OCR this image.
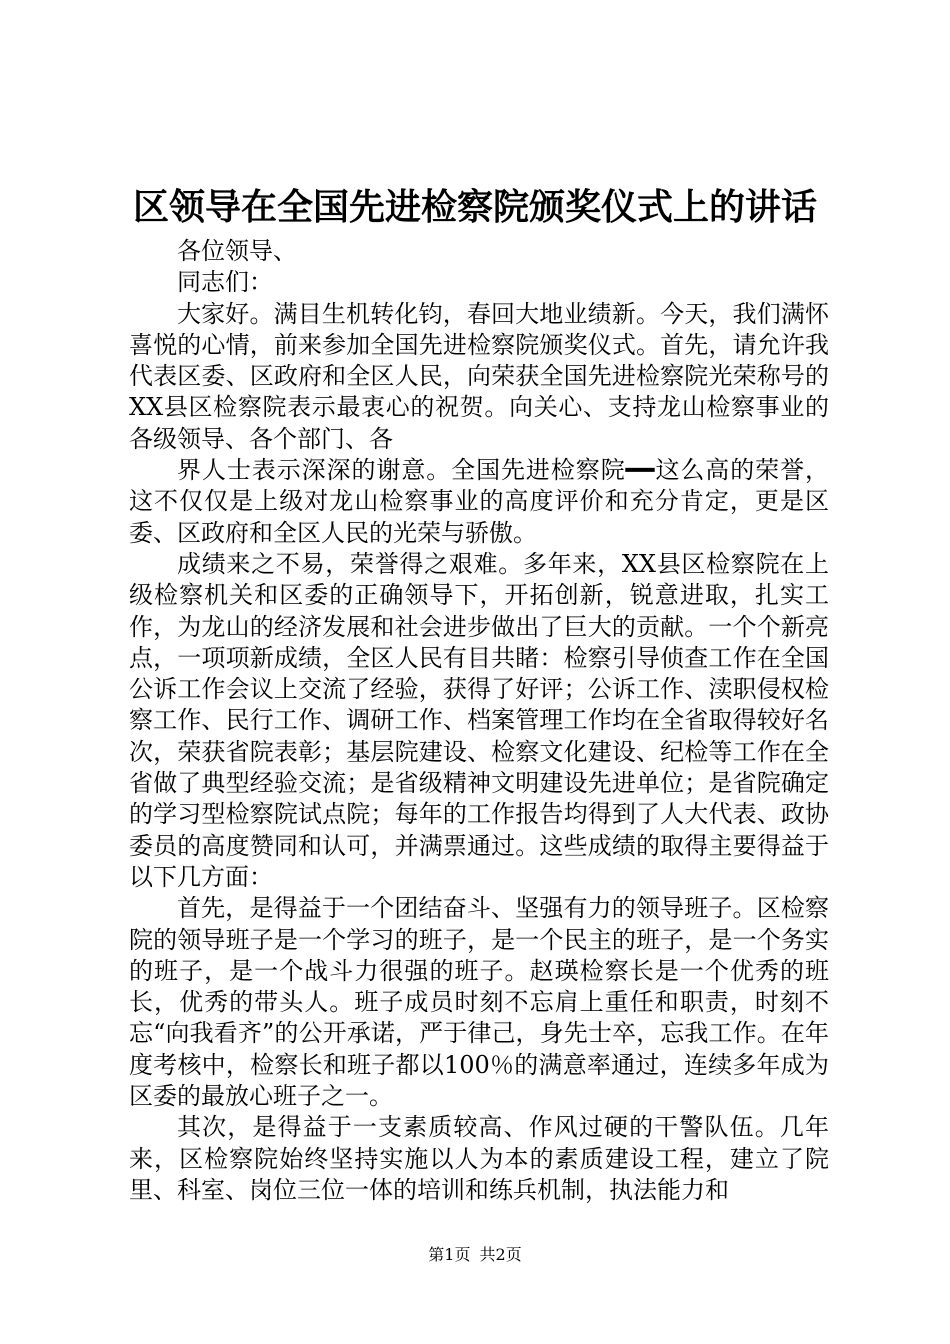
区领导在全国先进检察院颁奖仪式上的讲话

各位领导、

同志们：

大家好。满目生机转化钧，春回大地业绩新。今天，我们满怀喜悦的心情，前来参加全国先进检察院颁奖仪式。首先，请允许我代表区委、区政府和全区人民，向荣获全国先进检察院光荣称号的XX县区检察院表示最衷心的祝贺。向关心、支持龙山检察事业的各级领导、各个部门、各

界人士表示深深的谢意。全国先进检察院━━这么高的荣誉，这不仅仅是上级对龙山检察事业的高度评价和充分肯定，更是区委、区政府和全区人民的光荣与骄傲。

成绩来之不易，荣誉得之艰难。多年来，XX县区检察院在上级检察机关和区委的正确领导下，开拓创新，锐意进取，扎实工作，为龙山的经济发展和社会进步做出了巨大的贡献。一个个新亮点，一项项新成绩，全区人民有目共睹：检察引导侦查工作在全国公诉工作会议上交流了经验，获得了好评；公诉工作、渎职侵权检察工作、民行工作、调研工作、档案管理工作均在全省取得较好名次，荣获省院表彰；基层院建设、检察文化建设、纪检等工作在全省做了典型经验交流；是省级精神文明建设先进单位；是省院确定的学习型检察院试点院；每年的工作报告均得到了人大代表、政协委员的高度赞同和认可，并满票通过。这些成绩的取得主要得益于以下几方面：

首先，是得益于一个团结奋斗、坚强有力的领导班子。区检察院的领导班子是一个学习的班子，是一个民主的班子，是一个务实的班子，是一个战斗力很强的班子。赵瑛检察长是一个优秀的班长，优秀的带头人。班子成员时刻不忘肩上重任和职责，时刻不忘“向我看齐”的公开承诺，严于律己，身先士卒，忘我工作。在年度考核中，检察长和班子都以100％的满意率通过，连续多年成为区委的最放心班子之一。

其次，是得益于一支素质较高、作风过硬的干警队伍。几年来，区检察院始终坚持实施以人为本的素质建设工程，建立了院里、科室、岗位三位一体的培训和练兵机制，执法能力和

第1页 共2页
